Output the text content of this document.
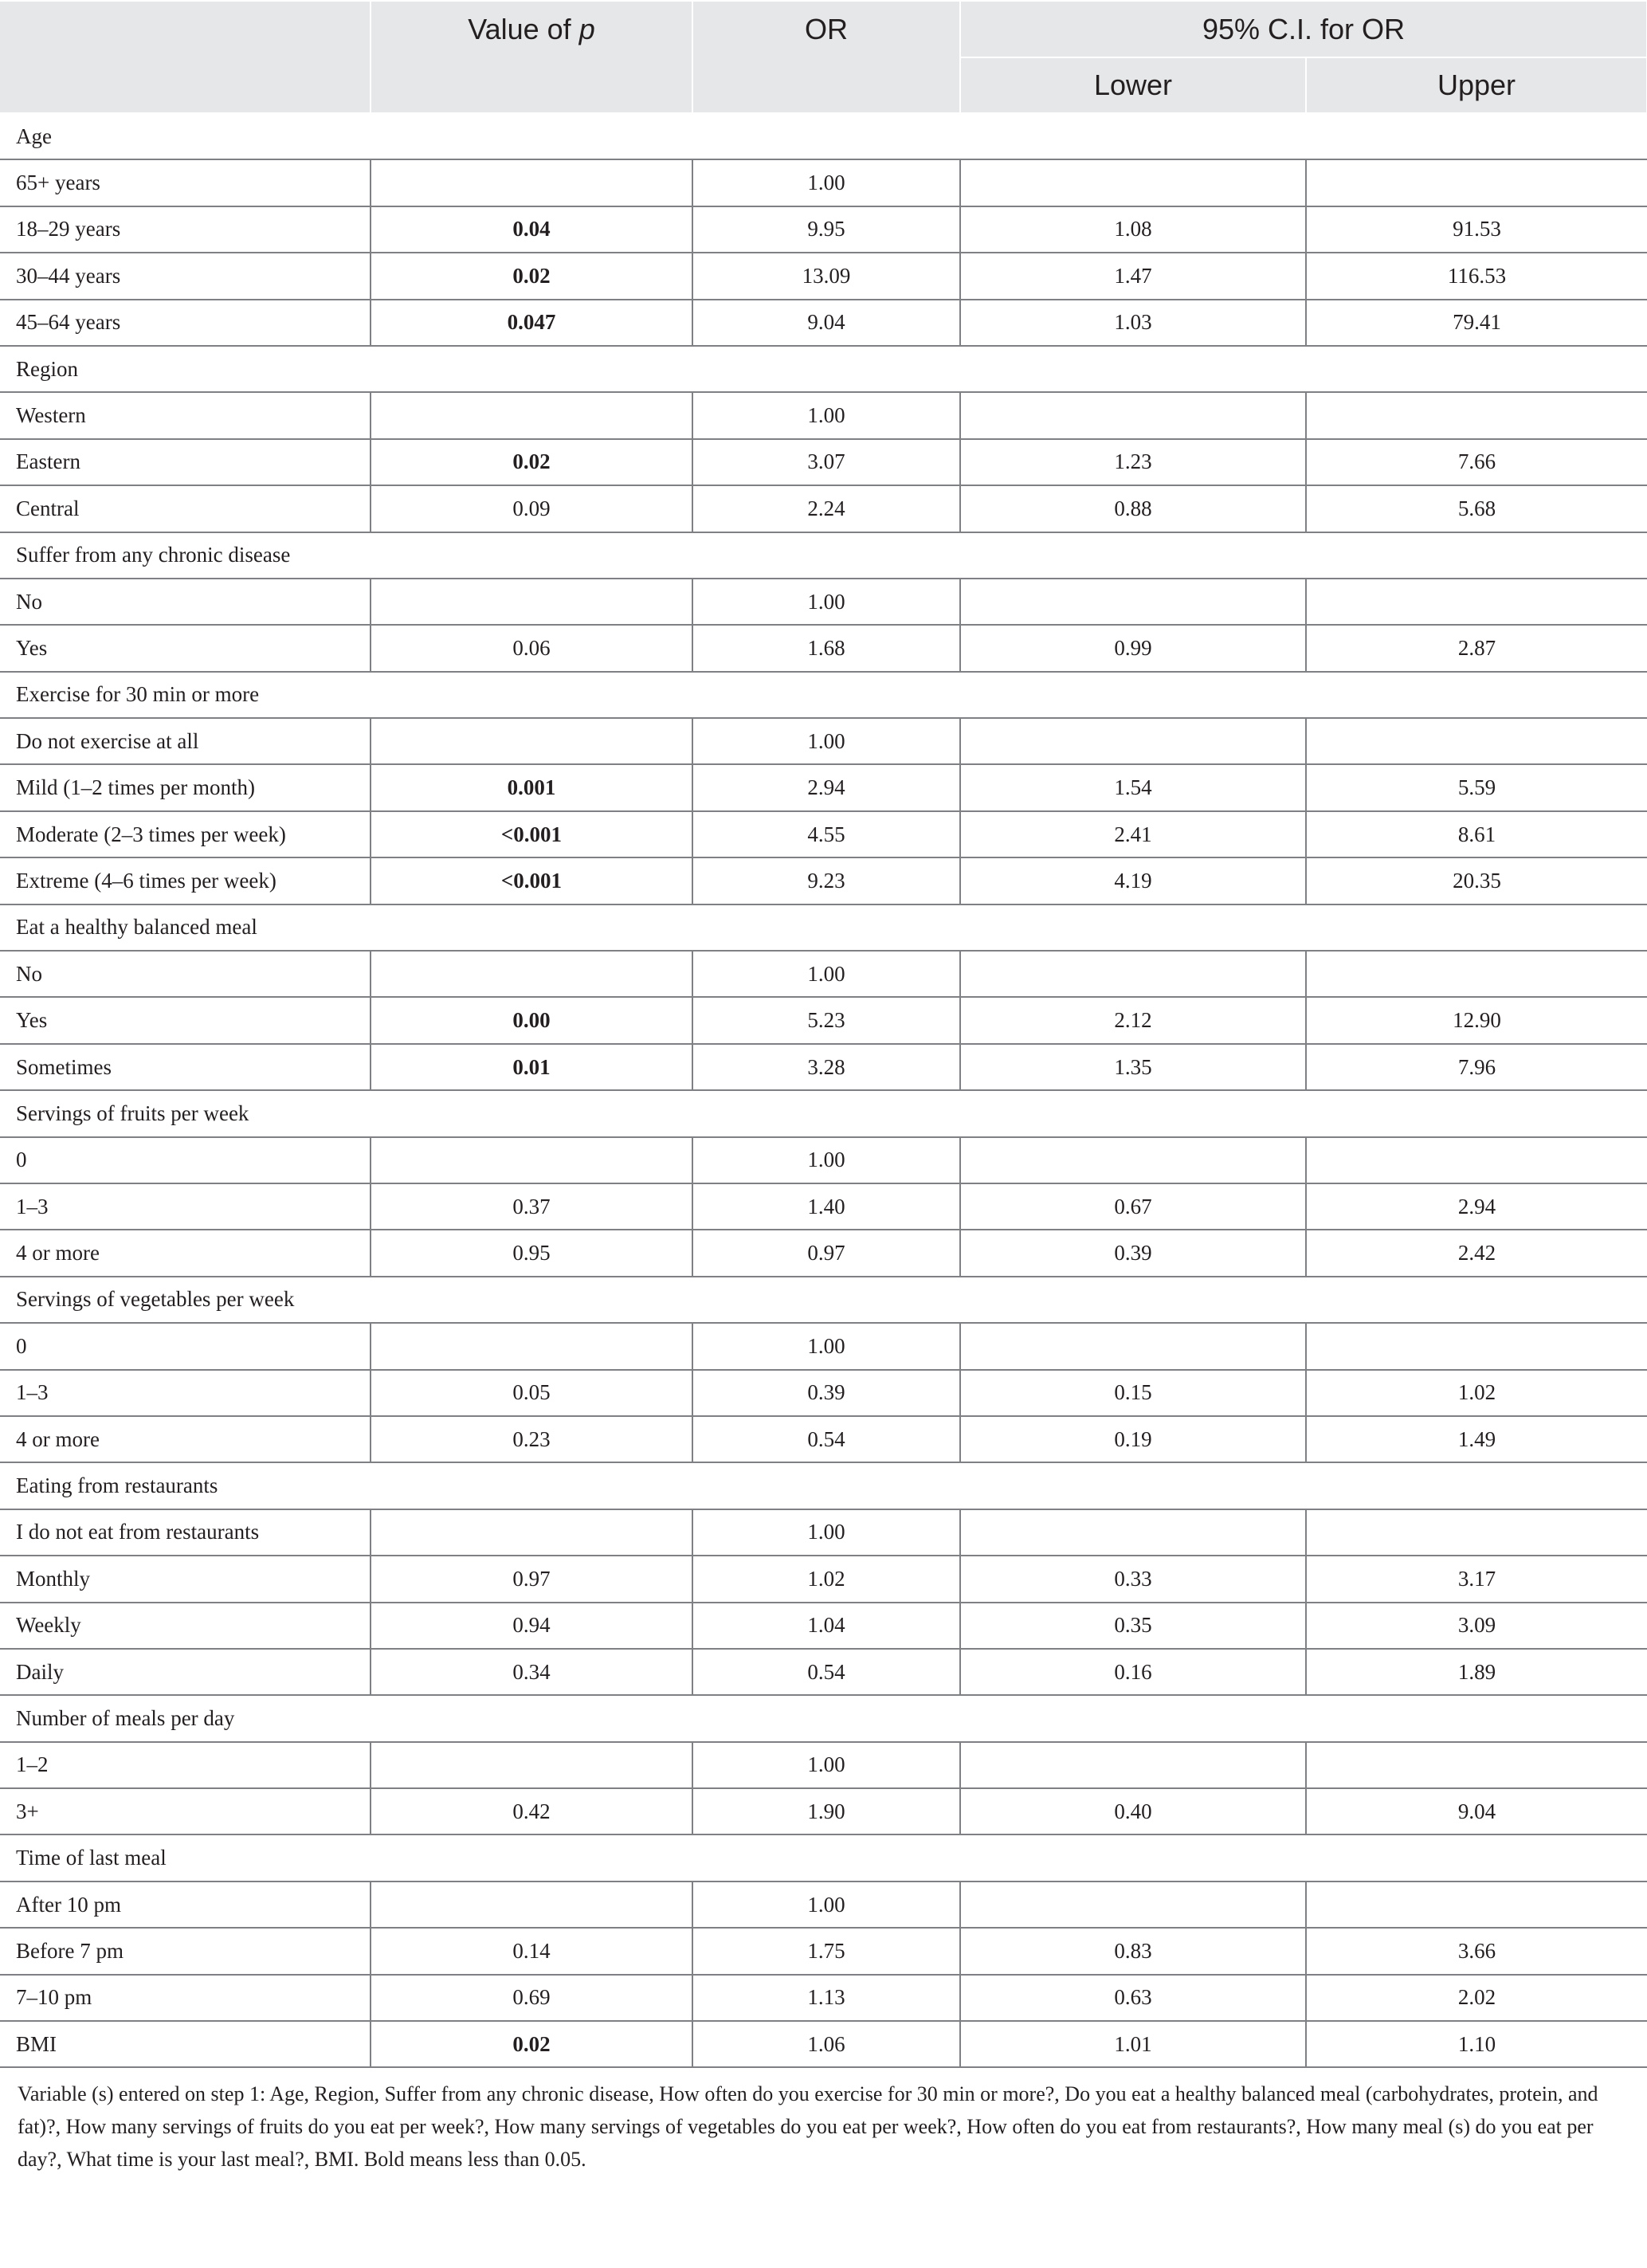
	Value of p	OR	95% C.I. for OR	
			Lower	Upper
Age				
65+ years		1.00		
18–29 years	0.04	9.95	1.08	91.53
30–44 years	0.02	13.09	1.47	116.53
45–64 years	0.047	9.04	1.03	79.41
Region				
Western		1.00		
Eastern	0.02	3.07	1.23	7.66
Central	0.09	2.24	0.88	5.68
Suffer from any chronic disease				
No		1.00		
Yes	0.06	1.68	0.99	2.87
Exercise for 30 min or more				
Do not exercise at all		1.00		
Mild (1–2 times per month)	0.001	2.94	1.54	5.59
Moderate (2–3 times per week)	<0.001	4.55	2.41	8.61
Extreme (4–6 times per week)	<0.001	9.23	4.19	20.35
Eat a healthy balanced meal				
No		1.00		
Yes	0.00	5.23	2.12	12.90
Sometimes	0.01	3.28	1.35	7.96
Servings of fruits per week				
0		1.00		
1–3	0.37	1.40	0.67	2.94
4 or more	0.95	0.97	0.39	2.42
Servings of vegetables per week				
0		1.00		
1–3	0.05	0.39	0.15	1.02
4 or more	0.23	0.54	0.19	1.49
Eating from restaurants				
I do not eat from restaurants		1.00		
Monthly	0.97	1.02	0.33	3.17
Weekly	0.94	1.04	0.35	3.09
Daily	0.34	0.54	0.16	1.89
Number of meals per day				
1–2		1.00		
3+	0.42	1.90	0.40	9.04
Time of last meal				
After 10 pm		1.00		
Before 7 pm	0.14	1.75	0.83	3.66
7–10 pm	0.69	1.13	0.63	2.02
BMI	0.02	1.06	1.01	1.10
Variable (s) entered on step 1: Age, Region, Suffer from any chronic disease, How often do you exercise for 30 min or more?, Do you eat a healthy balanced meal (carbohydrates, protein, and fat)?, How many servings of fruits do you eat per week?, How many servings of vegetables do you eat per week?, How often do you eat from restaurants?, How many meal (s) do you eat per day?, What time is your last meal?, BMI. Bold means less than 0.05.
